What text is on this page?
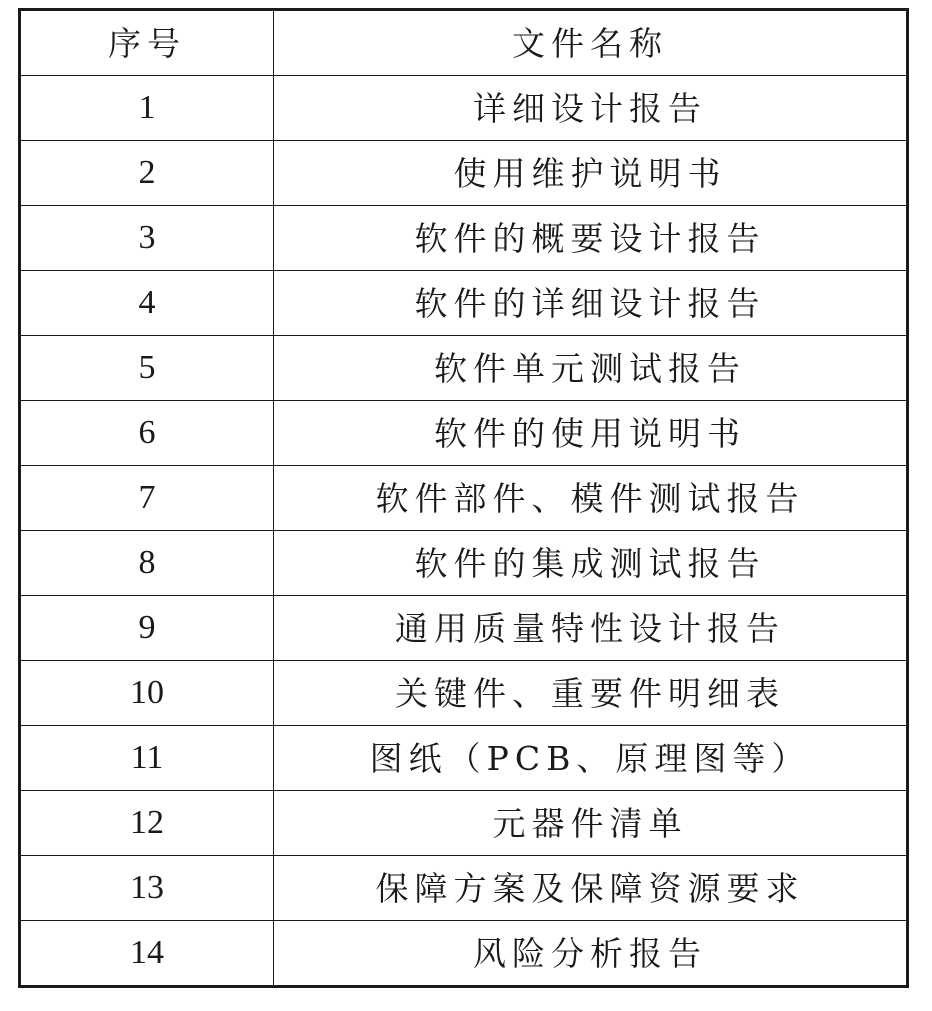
序号	文件名称
1	详细设计报告
2	使用维护说明书
3	软件的概要设计报告
4	软件的详细设计报告
5	软件单元测试报告
6	软件的使用说明书
7	软件部件、模件测试报告
8	软件的集成测试报告
9	通用质量特性设计报告
10	关键件、重要件明细表
11	图纸（PCB、原理图等）
12	元器件清单
13	保障方案及保障资源要求
14	风险分析报告
